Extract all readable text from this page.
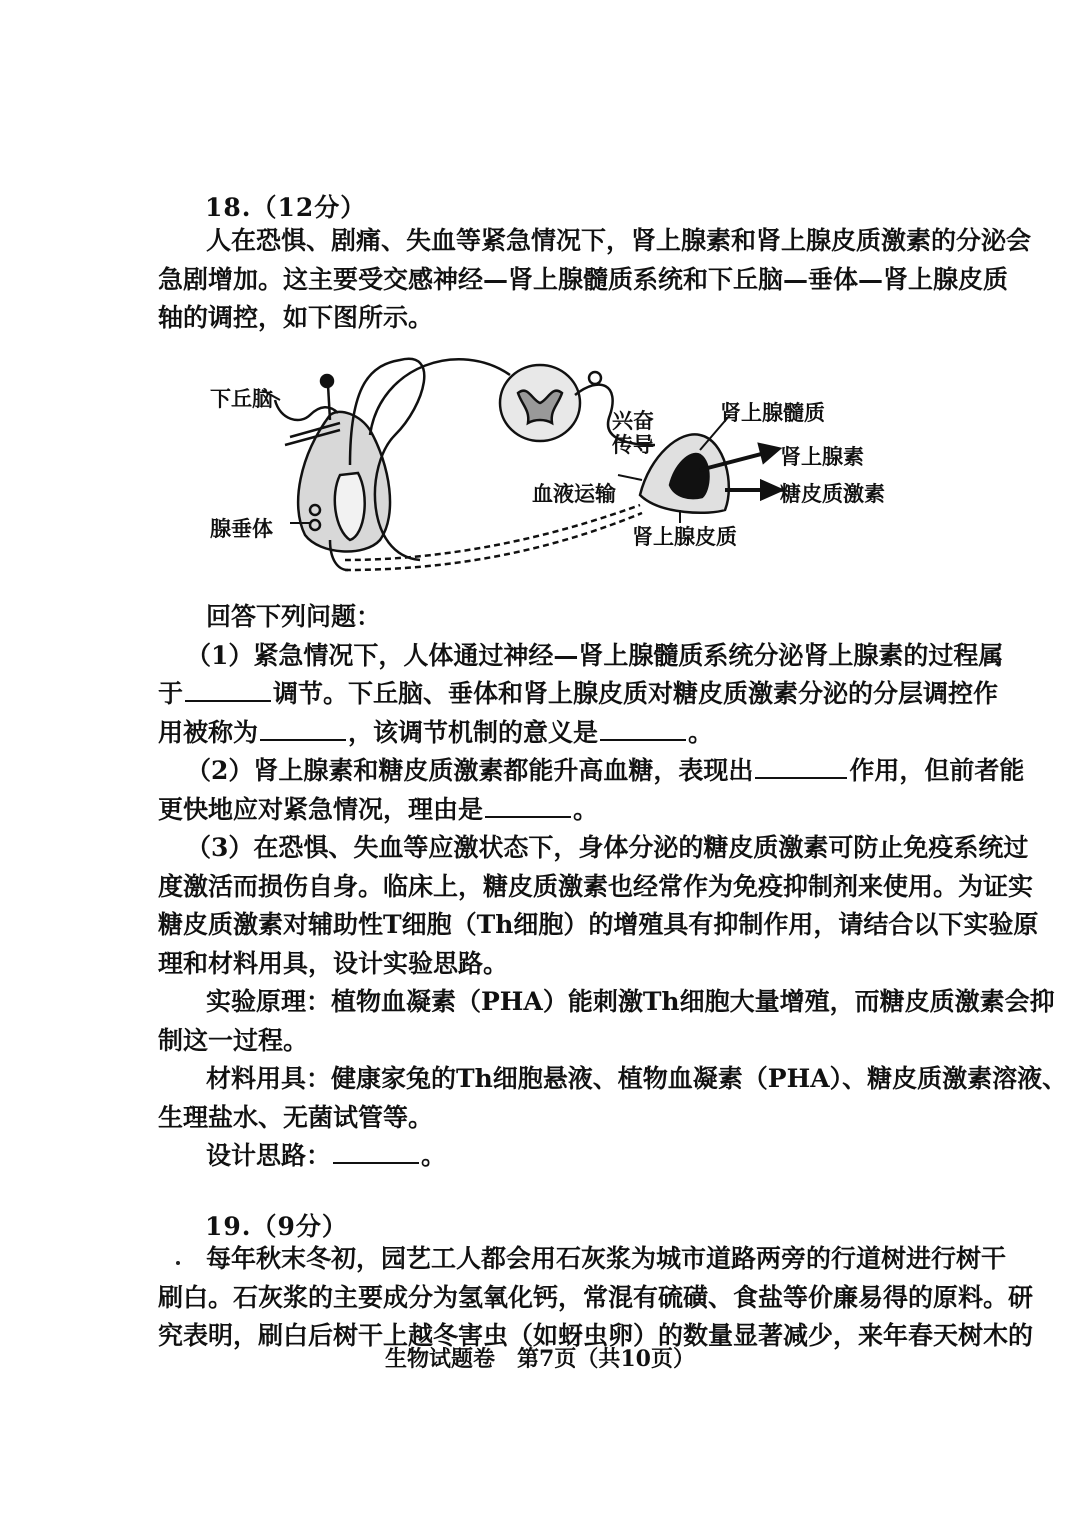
18.（12分）
人在恐惧、剧痛、失血等紧急情况下，肾上腺素和肾上腺皮质激素的分泌会
急剧增加。这主要受交感神经—肾上腺髓质系统和下丘脑—垂体—肾上腺皮质
轴的调控，如下图所示。
下丘脑
腺垂体
兴奋
传导
肾上腺髓质
肾上腺素
糖皮质激素
血液运输
肾上腺皮质
回答下列问题：
（1）紧急情况下，人体通过神经—肾上腺髓质系统分泌肾上腺素的过程属
于	调节。下丘脑、垂体和肾上腺皮质对糖皮质激素分泌的分层调控作
用被称为	，该调节机制的意义是	。
（2）肾上腺素和糖皮质激素都能升高血糖，表现出	作用，但前者能
更快地应对紧急情况，理由是	。
（3）在恐惧、失血等应激状态下，身体分泌的糖皮质激素可防止免疫系统过
度激活而损伤自身。临床上，糖皮质激素也经常作为免疫抑制剂来使用。为证实
糖皮质激素对辅助性T细胞（Th细胞）的增殖具有抑制作用，请结合以下实验原
理和材料用具，设计实验思路。
实验原理：植物血凝素（PHA）能刺激Th细胞大量增殖，而糖皮质激素会抑
制这一过程。
材料用具：健康家兔的Th细胞悬液、植物血凝素（PHA）、糖皮质激素溶液、
生理盐水、无菌试管等。
设计思路：	。
19.（9分）
每年秋末冬初，园艺工人都会用石灰浆为城市道路两旁的行道树进行树干
刷白。石灰浆的主要成分为氢氧化钙，常混有硫磺、食盐等价廉易得的原料。研
究表明，刷白后树干上越冬害虫（如蚜虫卵）的数量显著减少，来年春天树木的
生物试题卷　第7页（共10页）
